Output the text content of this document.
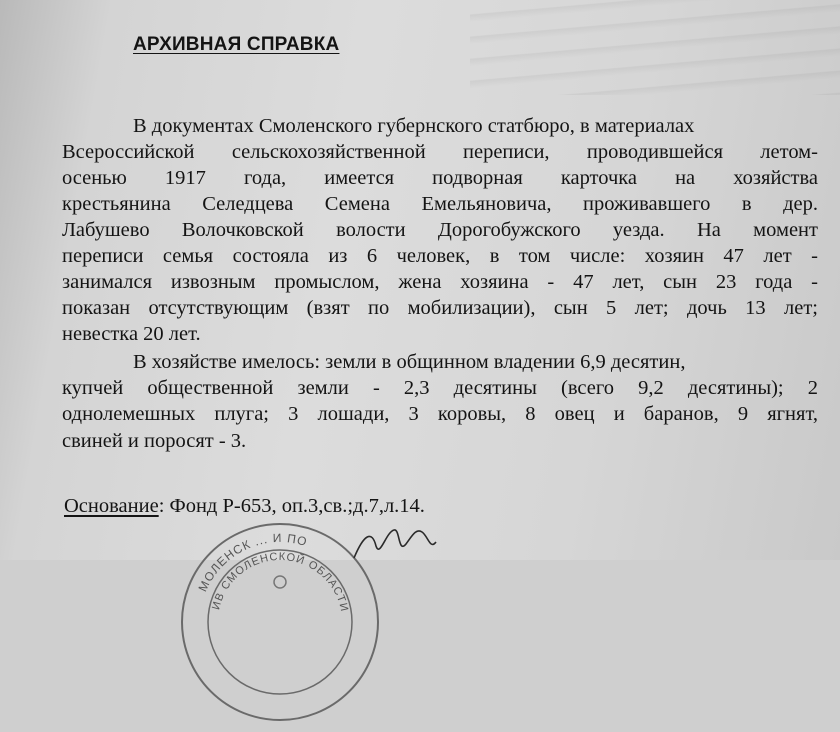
АРХИВНАЯ СПРАВКА
В документах Смоленского губернского статбюро, в материалах
Всероссийской сельскохозяйственной переписи, проводившейся летом-
осенью 1917 года, имеется подворная карточка на хозяйства
крестьянина Селедцева Семена Емельяновича, проживавшего в дер.
Лабушево Волочковской волости Дорогобужского уезда. На момент
переписи семья состояла из 6 человек, в том числе: хозяин 47 лет -
занимался извозным промыслом, жена хозяина - 47 лет, сын 23 года -
показан отсутствующим (взят по мобилизации), сын 5 лет; дочь 13 лет;
невестка 20 лет.
В хозяйстве имелось: земли в общинном владении 6,9 десятин,
купчей общественной земли - 2,3 десятины (всего 9,2 десятины); 2
однолемешных плуга; 3 лошади, 3 коровы, 8 овец и баранов, 9 ягнят,
свиней и поросят - 3.
Основание: Фонд Р-653, оп.3,св.;д.7,л.14.
МОЛЕНСК ... И ПО
ИВ СМОЛЕНСКОЙ ОБЛАСТИ
